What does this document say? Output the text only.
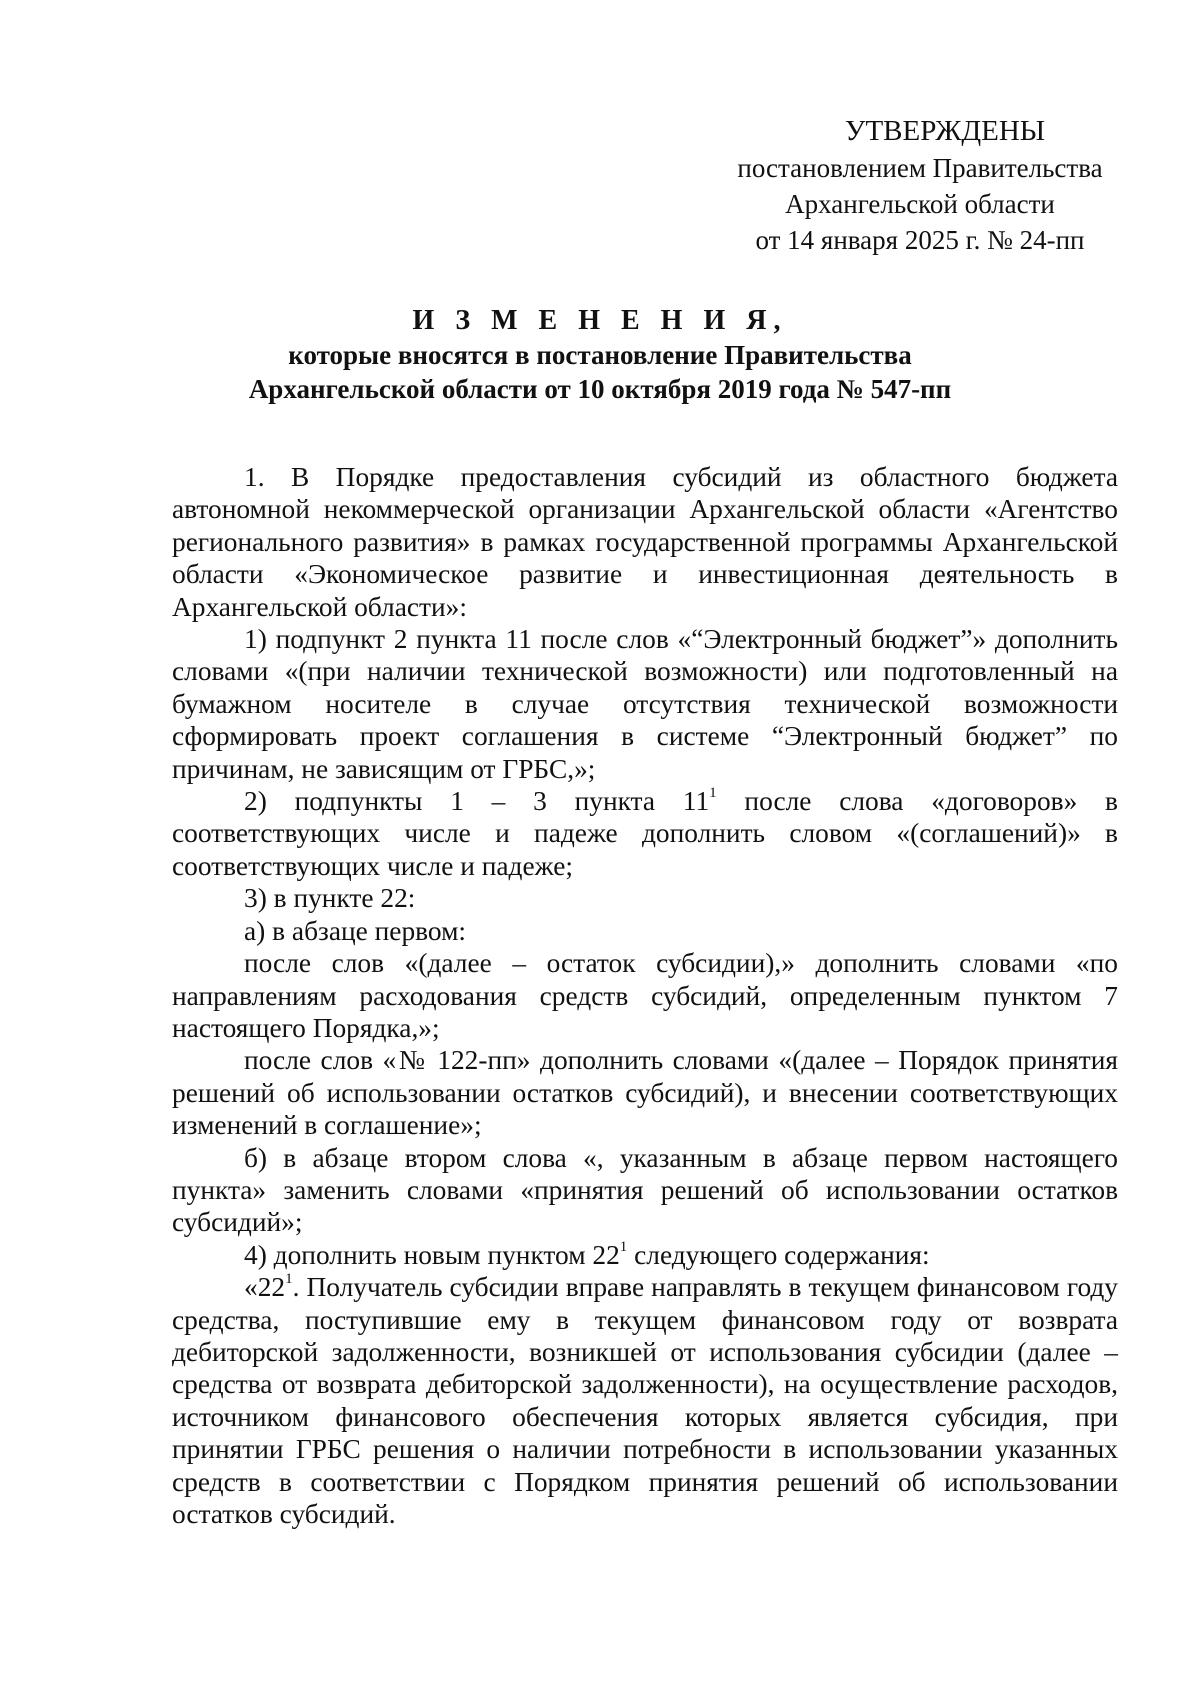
УТВЕРЖДЕНЫ
постановлением Правительства
Архангельской области
от 14 января 2025 г. № 24-пп
И З М Е Н Е Н И Я,
которые вносятся в постановление Правительства
Архангельской области от 10 октября 2019 года № 547-пп

1. В Порядке предоставления субсидий из областного бюджета автономной некоммерческой организации Архангельской области «Агентство регионального развития» в рамках государственной программы Архангельской области «Экономическое развитие и инвестиционная деятельность в Архангельской области»:

1) подпункт 2 пункта 11 после слов «“Электронный бюджет”» дополнить словами «(при наличии технической возможности) или подготовленный на бумажном носителе в случае отсутствия технической возможности сформировать проект соглашения в системе “Электронный бюджет” по причинам, не зависящим от ГРБС,»;

2) подпункты 1 – 3 пункта $11^1$ после слова «договоров» в соответствующих числе и падеже дополнить словом «(соглашений)» в соответствующих числе и падеже;

3) в пункте 22:

а) в абзаце первом:

после слов «(далее – остаток субсидии),» дополнить словами «по направлениям расходования средств субсидий, определенным пунктом 7 настоящего Порядка,»;

после слов «№ 122-пп» дополнить словами «(далее – Порядок принятия решений об использовании остатков субсидий), и внесении соответствующих изменений в соглашение»;

б) в абзаце втором слова «, указанным в абзаце первом настоящего пункта» заменить словами «принятия решений об использовании остатков субсидий»;

4) дополнить новым пунктом $22^1$ следующего содержания:

«$22^1$. Получатель субсидии вправе направлять в текущем финансовом году средства, поступившие ему в текущем финансовом году от возврата дебиторской задолженности, возникшей от использования субсидии (далее – средства от возврата дебиторской задолженности), на осуществление расходов, источником финансового обеспечения которых является субсидия, при принятии ГРБС решения о наличии потребности в использовании указанных средств в соответствии с Порядком принятия решений об использовании остатков субсидий.
